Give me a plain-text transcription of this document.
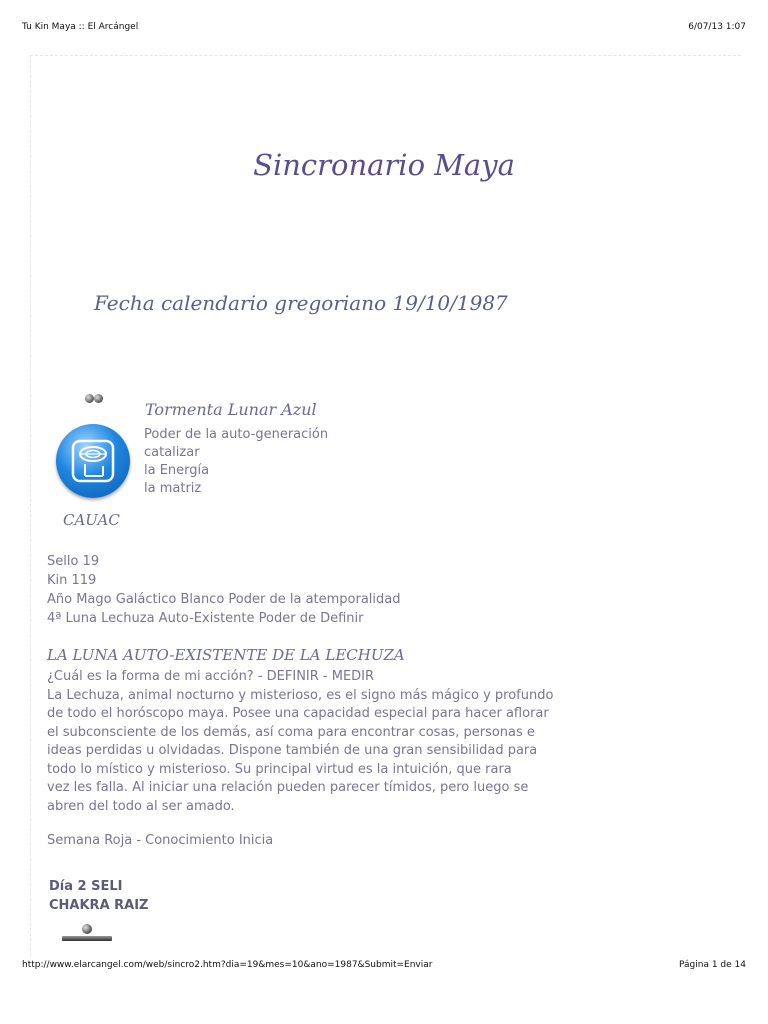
Tu Kin Maya :: El Arcángel	6/07/13 1:07
Sincronario Maya
Fecha calendario gregoriano 19/10/1987
Tormenta Lunar Azul
Poder de la auto-generación
catalizar
la Energía
la matriz
CAUAC
Sello 19
Kin 119
Año Mago Galáctico Blanco Poder de la atemporalidad
4ª Luna Lechuza Auto-Existente Poder de Definir
LA LUNA AUTO-EXISTENTE DE LA LECHUZA
¿Cuál es la forma de mi acción? - DEFINIR - MEDIR
La Lechuza, animal nocturno y misterioso, es el signo más mágico y profundo
de todo el horóscopo maya. Posee una capacidad especial para hacer aflorar
el subconsciente de los demás, así coma para encontrar cosas, personas e
ideas perdidas u olvidadas. Dispone también de una gran sensibilidad para
todo lo místico y misterioso. Su principal virtud es la intuición, que rara
vez les falla. Al iniciar una relación pueden parecer tímidos, pero luego se
abren del todo al ser amado.
Semana Roja - Conocimiento Inicia
Día 2 SELI
CHAKRA RAIZ
http://www.elarcangel.com/web/sincro2.htm?dia=19&mes=10&ano=1987&Submit=Enviar	Página 1 de 14
